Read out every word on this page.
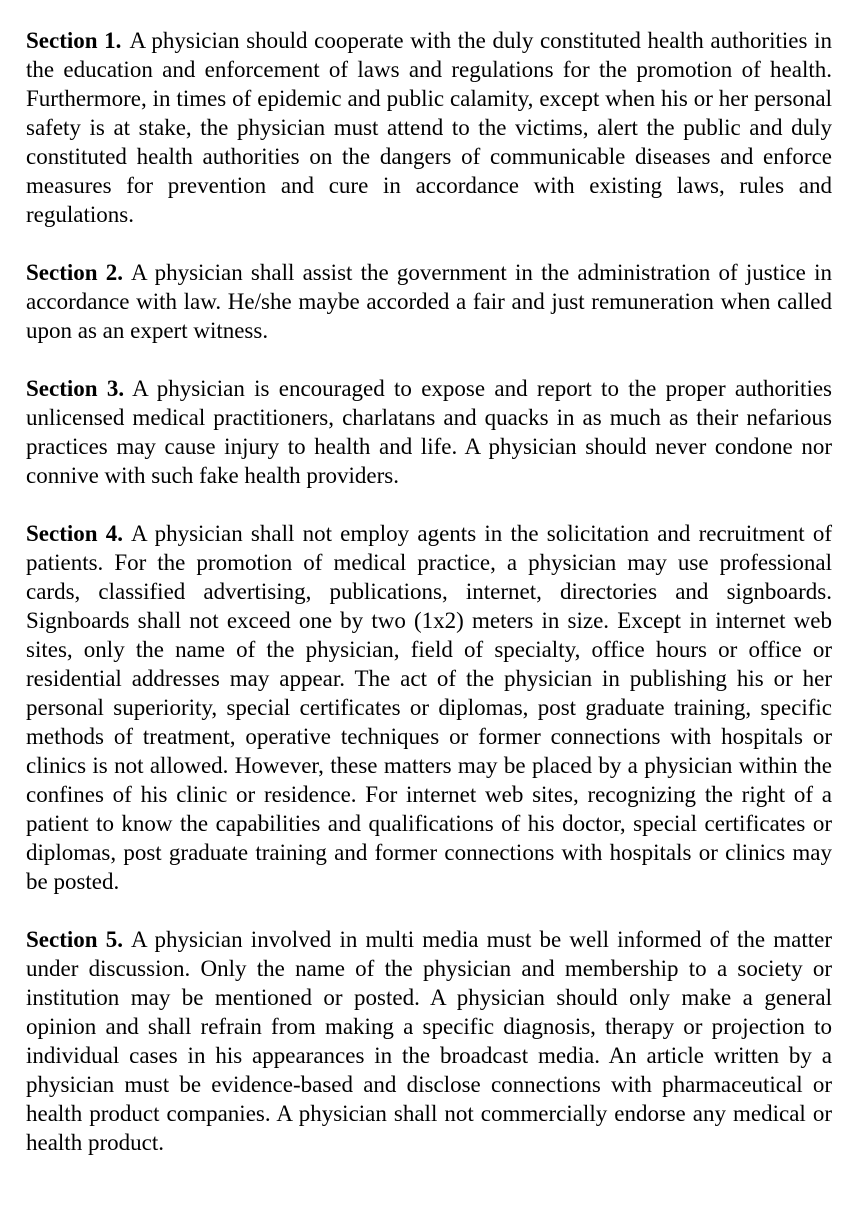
Section 1. A physician should cooperate with the duly constituted health authorities in the education and enforcement of laws and regulations for the promotion of health. Furthermore, in times of epidemic and public calamity, except when his or her personal safety is at stake, the physician must attend to the victims, alert the public and duly constituted health authorities on the dangers of communicable diseases and enforce measures for prevention and cure in accordance with existing laws, rules and regulations.

Section 2. A physician shall assist the government in the administration of justice in accordance with law. He/she maybe accorded a fair and just remuneration when called upon as an expert witness.

Section 3. A physician is encouraged to expose and report to the proper authorities unlicensed medical practitioners, charlatans and quacks in as much as their nefarious practices may cause injury to health and life. A physician should never condone nor connive with such fake health providers.

Section 4. A physician shall not employ agents in the solicitation and recruitment of patients. For the promotion of medical practice, a physician may use professional cards, classified advertising, publications, internet, directories and signboards. Signboards shall not exceed one by two (1x2) meters in size. Except in internet web sites, only the name of the physician, field of specialty, office hours or office or residential addresses may appear. The act of the physician in publishing his or her personal superiority, special certificates or diplomas, post graduate training, specific methods of treatment, operative techniques or former connections with hospitals or clinics is not allowed. However, these matters may be placed by a physician within the confines of his clinic or residence. For internet web sites, recognizing the right of a patient to know the capabilities and qualifications of his doctor, special certificates or diplomas, post graduate training and former connections with hospitals or clinics may be posted.

Section 5. A physician involved in multi media must be well informed of the matter under discussion. Only the name of the physician and membership to a society or institution may be mentioned or posted. A physician should only make a general opinion and shall refrain from making a specific diagnosis, therapy or projection to individual cases in his appearances in the broadcast media. An article written by a physician must be evidence-based and disclose connections with pharmaceutical or health product companies. A physician shall not commercially endorse any medical or health product.
